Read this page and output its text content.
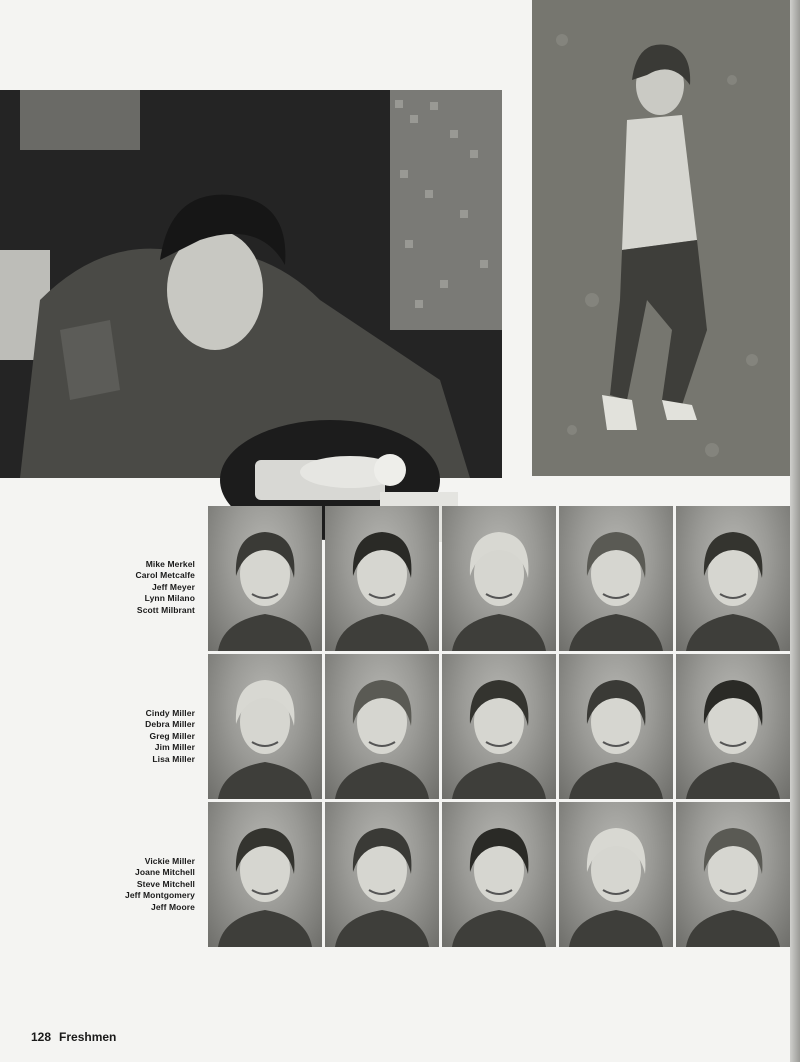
Mike Merkel
Carol Metcalfe
Jeff Meyer
Lynn Milano
Scott Milbrant
Cindy Miller
Debra Miller
Greg Miller
Jim Miller
Lisa Miller
Vickie Miller
Joane Mitchell
Steve Mitchell
Jeff Montgomery
Jeff Moore
128 Freshmen
